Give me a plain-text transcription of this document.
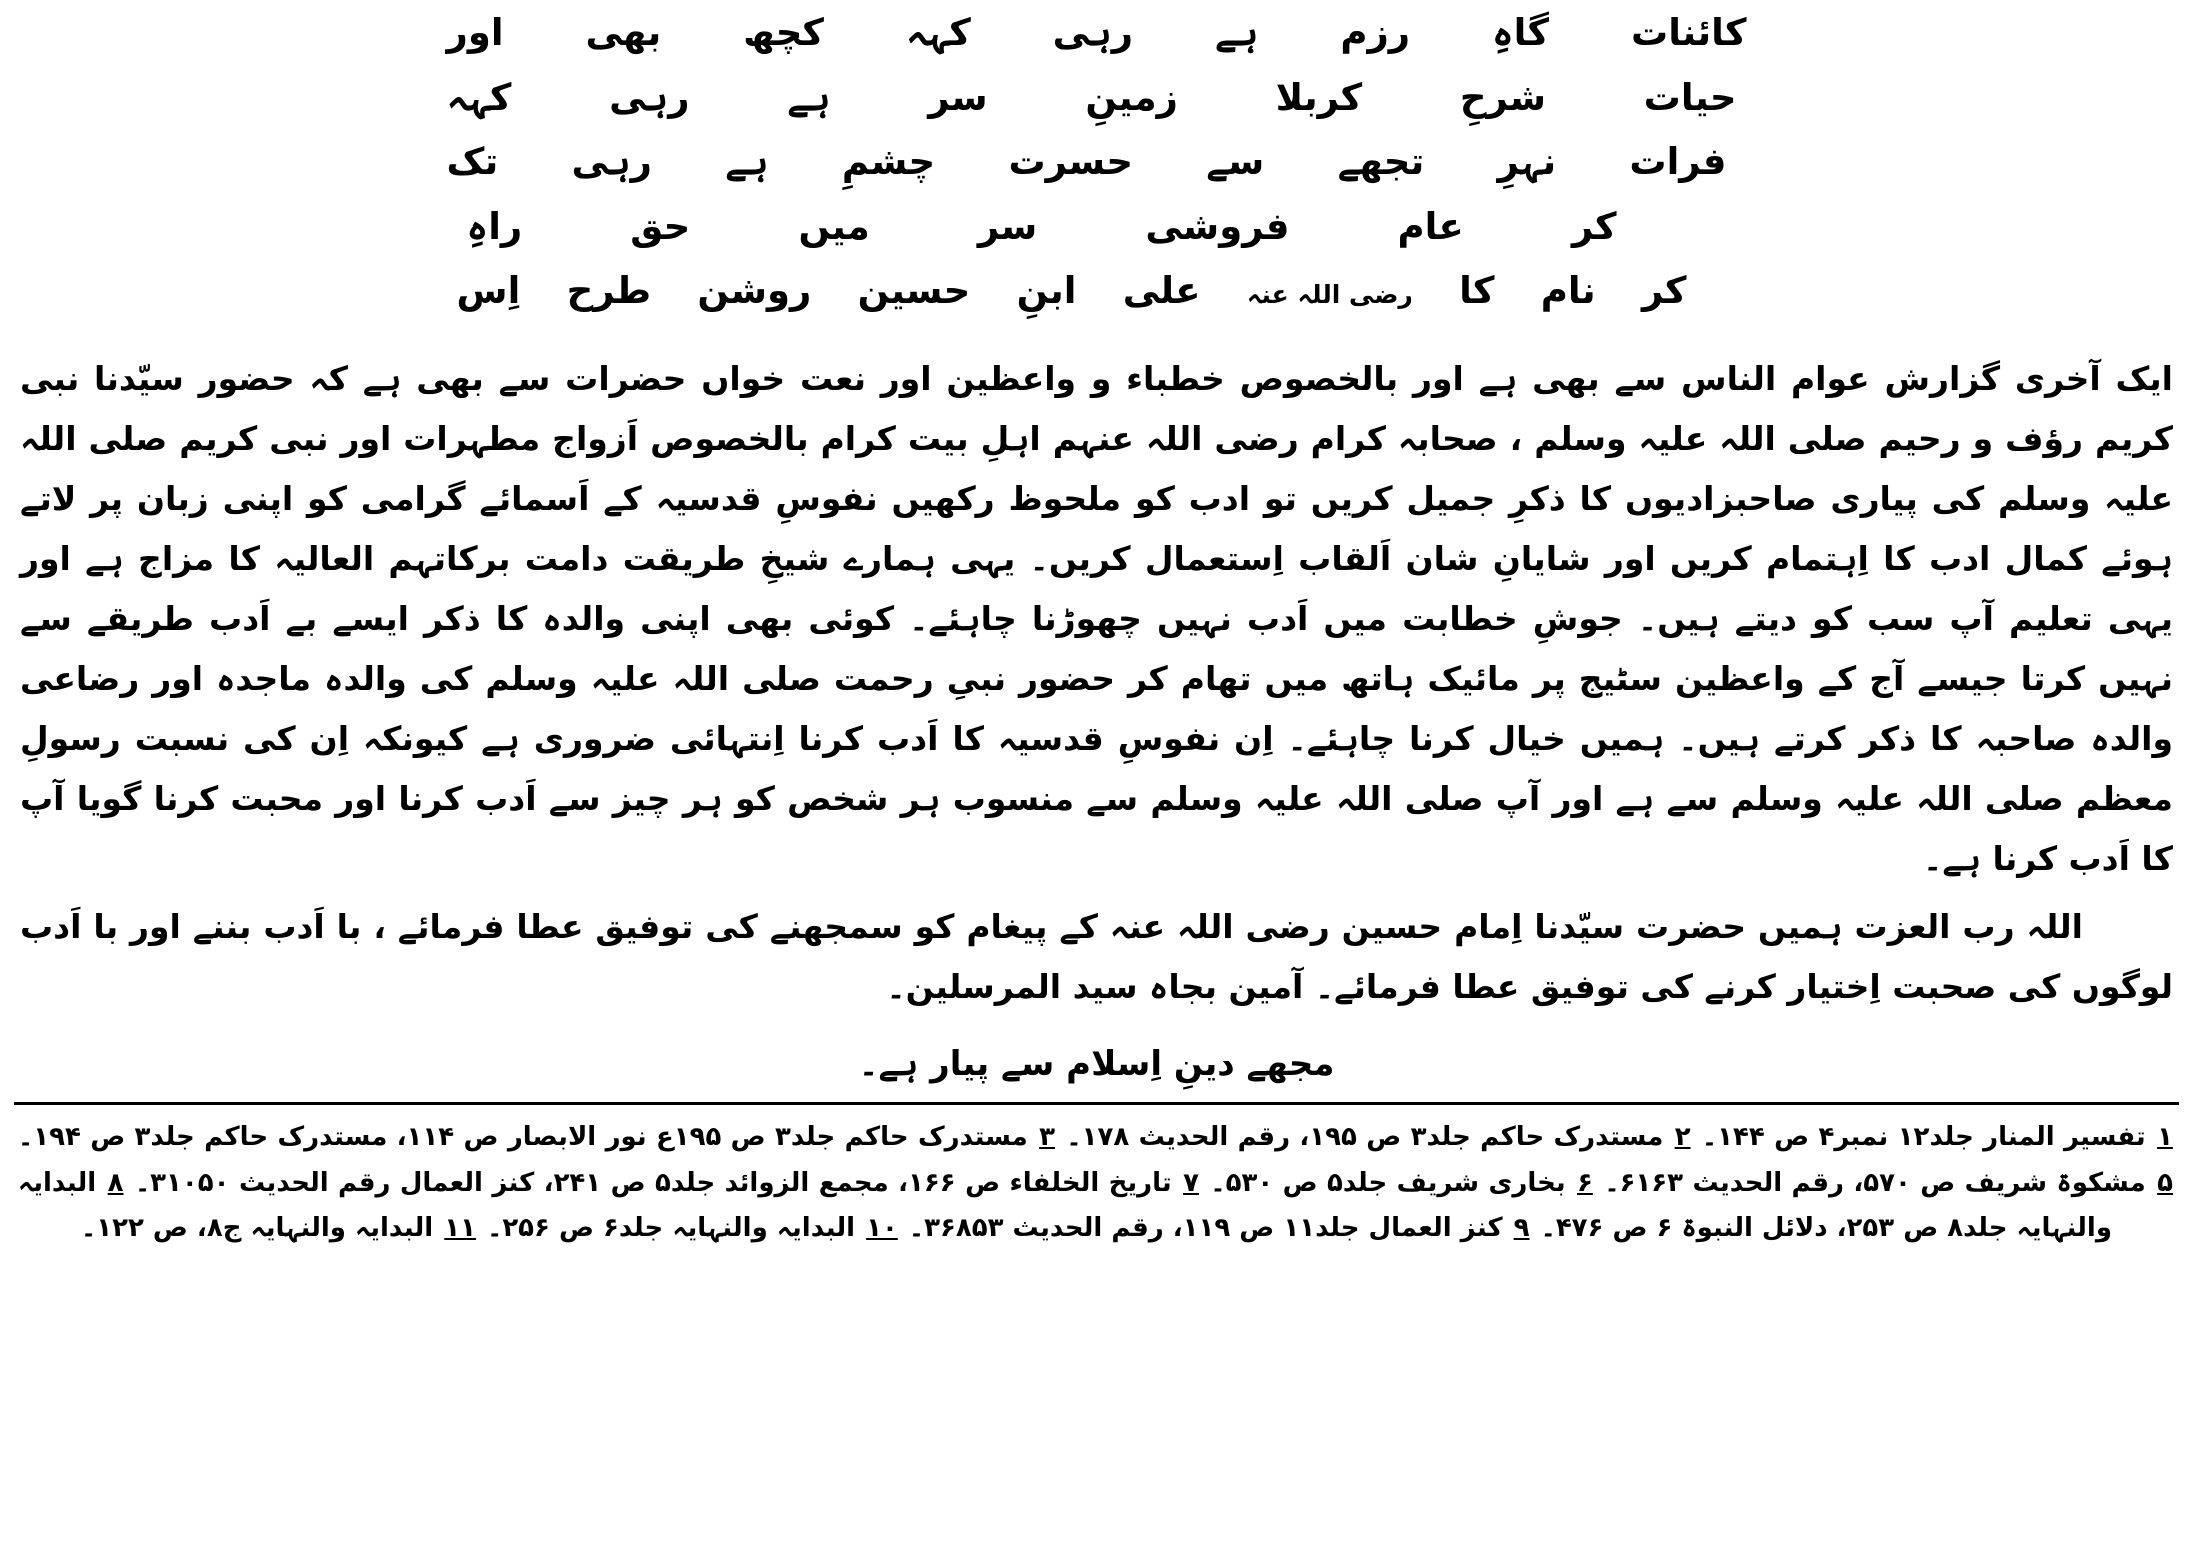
کائنات
گاہِ
رزم
ہے
رہی
کہہ
کچھ
بھی
اور
حیات
شرحِ
کربلا
زمینِ
سر
ہے
رہی
کہہ
فرات
نہرِ
تجھے
سے
حسرت
چشمِ
ہے
رہی
تک
کر
عام
فروشی
سر
میں
حق
راہِ
کر
نام
کا
رضی اللہ عنہ
علی
ابنِ
حسین
روشن
طرح
اِس

ایک آخری گزارش عوام الناس سے بھی ہے اور بالخصوص خطباء و واعظین اور نعت خواں حضرات سے بھی ہے کہ حضور سیّدنا نبی کریم رؤف و رحیم صلی اللہ علیہ وسلم ، صحابہ کرام رضی اللہ عنہم اہلِ بیت کرام بالخصوص اَزواج مطہرات اور نبی کریم صلی اللہ علیہ وسلم کی پیاری صاحبزادیوں کا ذکرِ جمیل کریں تو ادب کو ملحوظ رکھیں نفوسِ قدسیہ کے اَسمائے گرامی کو اپنی زبان پر لاتے ہوئے کمال ادب کا اِہتمام کریں اور شایانِ شان اَلقاب اِستعمال کریں۔ یہی ہمارے شیخِ طریقت دامت برکاتہم العالیہ کا مزاج ہے اور یہی تعلیم آپ سب کو دیتے ہیں۔ جوشِ خطابت میں اَدب نہیں چھوڑنا چاہئے۔ کوئی بھی اپنی والدہ کا ذکر ایسے بے اَدب طریقے سے نہیں کرتا جیسے آج کے واعظین سٹیج پر مائیک ہاتھ میں تھام کر حضور نبیِ رحمت صلی اللہ علیہ وسلم کی والدہ ماجدہ اور رضاعی والدہ صاحبہ کا ذکر کرتے ہیں۔ ہمیں خیال کرنا چاہئے۔ اِن نفوسِ قدسیہ کا اَدب کرنا اِنتہائی ضروری ہے کیونکہ اِن کی نسبت رسولِ معظم صلی اللہ علیہ وسلم سے ہے اور آپ صلی اللہ علیہ وسلم سے منسوب ہر شخص کو ہر چیز سے اَدب کرنا اور محبت کرنا گویا آپ کا اَدب کرنا ہے۔

اللہ رب العزت ہمیں حضرت سیّدنا اِمام حسین رضی اللہ عنہ کے پیغام کو سمجھنے کی توفیق عطا فرمائے ، با اَدب بننے اور با اَدب لوگوں کی صحبت اِختیار کرنے کی توفیق عطا فرمائے۔ آمین بجاہ سید المرسلین۔

مجھے دینِ اِسلام سے پیار ہے۔
۱ تفسیر المنار جلد۱۲ نمبر۴ ص ۱۴۴۔ ۲ مستدرک حاکم جلد۳ ص ۱۹۵، رقم الحدیث ۱۷۸۔ ۳ مستدرک حاکم جلد۳ ص ۱۹۵ع نور الابصار ص ۱۱۴، مستدرک حاکم جلد۳ ص ۱۹۴۔ ۵ مشکوۃ شریف ص ۵۷۰، رقم الحدیث ۶۱۶۳۔ ۶ بخاری شریف جلد۵ ص ۵۳۰۔ ۷ تاریخ الخلفاء ص ۱۶۶، مجمع الزوائد جلد۵ ص ۲۴۱، کنز العمال رقم الحدیث ۳۱۰۵۰۔ ۸ البدایہ والنہایہ جلد۸ ص ۲۵۳، دلائل النبوۃ ۶ ص ۴۷۶۔ ۹ کنز العمال جلد۱۱ ص ۱۱۹، رقم الحدیث ۳۶۸۵۳۔ ۱۰ البدایہ والنہایہ جلد۶ ص ۲۵۶۔ ۱۱ البدایہ والنہایہ ج۸، ص ۱۲۲۔
